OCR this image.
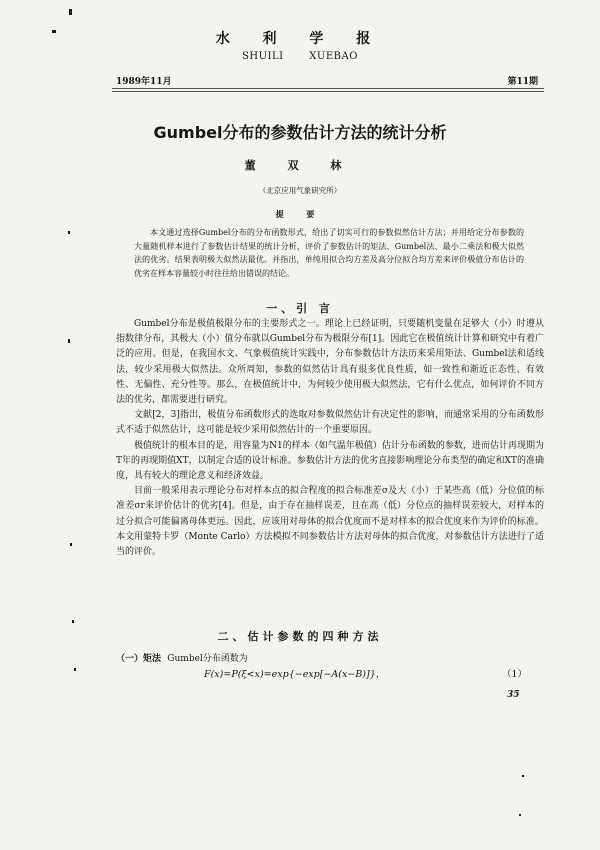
水 利 学 报
SHUILI XUEBAO
1989年11月	第11期
Gumbel分布的参数估计方法的统计分析
董 双 林
（北京应用气象研究所）
提 要

本文通过选择Gumbel分布的分布函数形式，给出了切实可行的参数似然估计方法；并用给定分布参数的大量随机样本进行了参数估计结果的统计分析，评价了参数估计的矩法、Gumbel法、最小二乘法和极大似然法的优劣。结果表明极大似然法最优。并指出，单纯用拟合均方差及高分位拟合均方差来评价极值分布估计的优劣在样本容量较小时往往给出错误的结论。

一、引 言

Gumbel分布是极值极限分布的主要形式之一。理论上已经证明，只要随机变量在足够大（小）时遵从指数律分布，其极大（小）值分布就以Gumbel分布为极限分布[1]。因此它在极值统计计算和研究中有着广泛的应用。但是，在我国水文、气象极值统计实践中，分布参数估计方法历来采用矩法、Gumbel法和适线法，较少采用极大似然法。众所周知，参数的似然估计具有很多优良性质，如一致性和渐近正态性、有效性、无偏性、充分性等。那么，在极值统计中，为何较少使用极大似然法，它有什么优点，如何评价不同方法的优劣，都需要进行研究。

文献[2，3]指出，极值分布函数形式的选取对参数似然估计有决定性的影响，而通常采用的分布函数形式不适于似然估计，这可能是较少采用似然估计的一个重要原因。

极值统计的根本目的是，用容量为N1的样本（如气温年极值）估计分布函数的参数，进而估计再现期为T年的再现期值XT，以制定合适的设计标准。参数估计方法的优劣直接影响理论分布类型的确定和XT的准确度，具有较大的理论意义和经济效益。

目前一般采用表示理论分布对样本点的拟合程度的拟合标准差σ及大（小）于某些高（低）分位值的标准差σr来评价估计的优劣[4]。但是，由于存在抽样误差，且在高（低）分位点的抽样误差较大，对样本的过分拟合可能偏离母体更远。因此，应该用对母体的拟合优度而不是对样本的拟合优度来作为评价的标准。本文用蒙特卡罗（Monte Carlo）方法模拟不同参数估计方法对母体的拟合优度，对参数估计方法进行了适当的评价。

二、估计参数的四种方法
（一）矩法 Gumbel分布函数为
F(x)=P(ξ<x)=exp{−exp[−A(x−B)]}，	（1）
35
